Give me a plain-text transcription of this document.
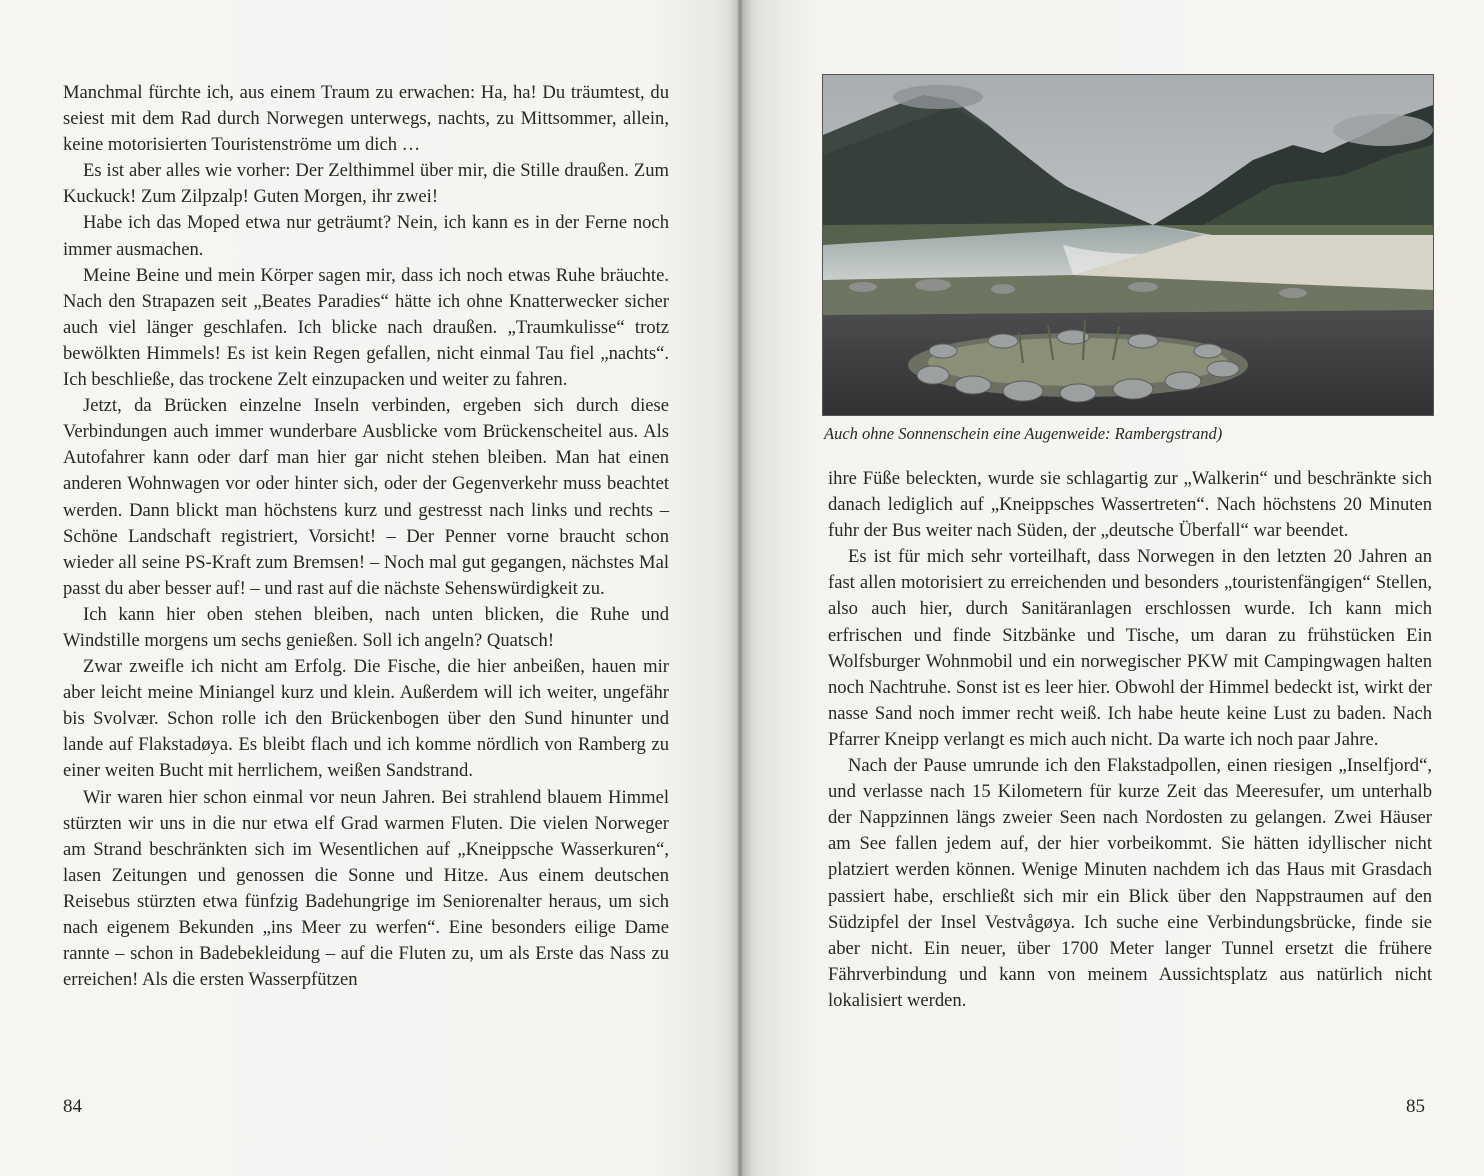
Manchmal fürchte ich, aus einem Traum zu erwachen: Ha, ha! Du träumtest, du seiest mit dem Rad durch Norwegen unterwegs, nachts, zu Mittsommer, allein, keine motorisierten Touristenströme um dich …

Es ist aber alles wie vorher: Der Zelthimmel über mir, die Stille draußen. Zum Kuckuck! Zum Zilpzalp! Guten Morgen, ihr zwei!

Habe ich das Moped etwa nur geträumt? Nein, ich kann es in der Ferne noch immer ausmachen.

Meine Beine und mein Körper sagen mir, dass ich noch etwas Ruhe bräuchte. Nach den Strapazen seit „Beates Paradies“ hätte ich ohne Knatterwecker sicher auch viel länger geschlafen. Ich blicke nach draußen. „Traumkulisse“ trotz bewölkten Himmels! Es ist kein Regen gefallen, nicht einmal Tau fiel „nachts“. Ich beschließe, das trockene Zelt einzupacken und weiter zu fahren.

Jetzt, da Brücken einzelne Inseln verbinden, ergeben sich durch diese Verbindungen auch immer wunderbare Ausblicke vom Brückenscheitel aus. Als Autofahrer kann oder darf man hier gar nicht stehen bleiben. Man hat einen anderen Wohnwagen vor oder hinter sich, oder der Gegenverkehr muss beachtet werden. Dann blickt man höchstens kurz und gestresst nach links und rechts – Schöne Landschaft registriert, Vorsicht! – Der Penner vorne braucht schon wieder all seine PS-Kraft zum Bremsen! – Noch mal gut gegangen, nächstes Mal passt du aber besser auf! – und rast auf die nächste Sehenswürdigkeit zu.

Ich kann hier oben stehen bleiben, nach unten blicken, die Ruhe und Windstille morgens um sechs genießen. Soll ich angeln? Quatsch!

Zwar zweifle ich nicht am Erfolg. Die Fische, die hier anbeißen, hauen mir aber leicht meine Miniangel kurz und klein. Außerdem will ich weiter, ungefähr bis Svolvær. Schon rolle ich den Brückenbogen über den Sund hinunter und lande auf Flakstadøya. Es bleibt flach und ich komme nördlich von Ramberg zu einer weiten Bucht mit herrlichem, weißen Sandstrand.

Wir waren hier schon einmal vor neun Jahren. Bei strahlend blauem Himmel stürzten wir uns in die nur etwa elf Grad warmen Fluten. Die vielen Norweger am Strand beschränkten sich im Wesentlichen auf „Kneippsche Wasserkuren“, lasen Zeitungen und genossen die Sonne und Hitze. Aus einem deutschen Reisebus stürzten etwa fünfzig Badehungrige im Seniorenalter heraus, um sich nach eigenem Bekunden „ins Meer zu werfen“. Eine besonders eilige Dame rannte – schon in Badebekleidung – auf die Fluten zu, um als Erste das Nass zu erreichen! Als die ersten Wasserpfützen

84
Auch ohne Sonnenschein eine Augenweide: Rambergstrand)

ihre Füße beleckten, wurde sie schlagartig zur „Walkerin“ und beschränkte sich danach lediglich auf „Kneippsches Wassertreten“. Nach höchstens 20 Minuten fuhr der Bus weiter nach Süden, der „deutsche Überfall“ war beendet.

Es ist für mich sehr vorteilhaft, dass Norwegen in den letzten 20 Jahren an fast allen motorisiert zu erreichenden und besonders „touristenfängigen“ Stellen, also auch hier, durch Sanitäranlagen erschlossen wurde. Ich kann mich erfrischen und finde Sitzbänke und Tische, um daran zu frühstücken Ein Wolfsburger Wohnmobil und ein norwegischer PKW mit Campingwagen halten noch Nachtruhe. Sonst ist es leer hier. Obwohl der Himmel bedeckt ist, wirkt der nasse Sand noch immer recht weiß. Ich habe heute keine Lust zu baden. Nach Pfarrer Kneipp verlangt es mich auch nicht. Da warte ich noch paar Jahre.

Nach der Pause umrunde ich den Flakstadpollen, einen riesigen „Inselfjord“, und verlasse nach 15 Kilometern für kurze Zeit das Meeresufer, um unterhalb der Nappzinnen längs zweier Seen nach Nordosten zu gelangen. Zwei Häuser am See fallen jedem auf, der hier vorbeikommt. Sie hätten idyllischer nicht platziert werden können. Wenige Minuten nachdem ich das Haus mit Grasdach passiert habe, erschließt sich mir ein Blick über den Nappstraumen auf den Südzipfel der Insel Vestvågøya. Ich suche eine Verbindungsbrücke, finde sie aber nicht. Ein neuer, über 1700 Meter langer Tunnel ersetzt die frühere Fährverbindung und kann von meinem Aussichtsplatz aus natürlich nicht lokalisiert werden.

85
